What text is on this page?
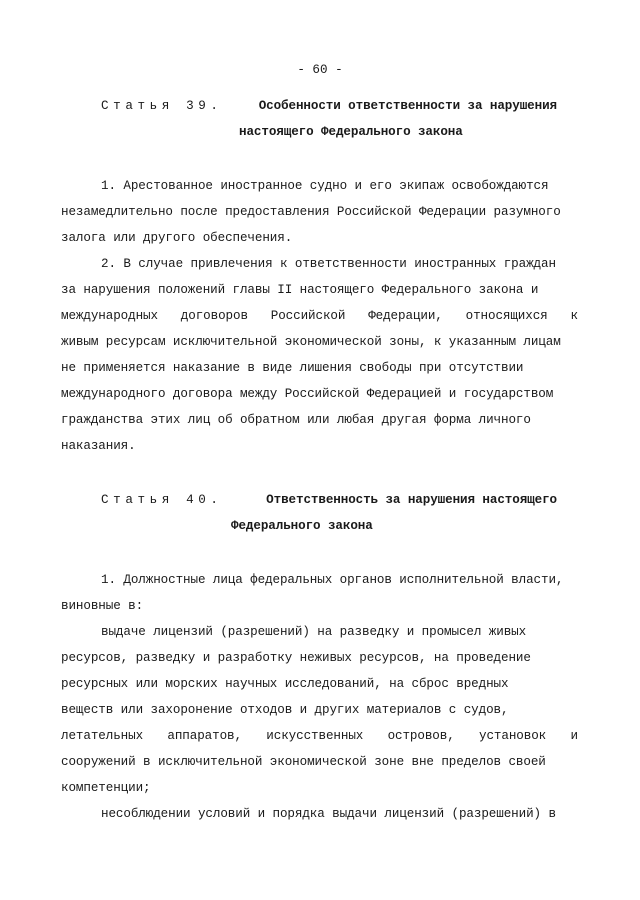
- 60 -
Статья 39.	Особенности ответственности за нарушения
настоящего Федерального закона
1. Арестованное иностранное судно и его экипаж освобождаются
незамедлительно после предоставления Российской Федерации разумного
залога или другого обеспечения.
2. В случае привлечения к ответственности иностранных граждан
за нарушения положений главы II настоящего Федерального закона и
международных договоров Российской Федерации, относящихся к
живым ресурсам исключительной экономической зоны, к указанным лицам
не применяется наказание в виде лишения свободы при отсутствии
международного договора между Российской Федерацией и государством
гражданства этих лиц об обратном или любая другая форма личного
наказания.
Статья 40.	Ответственность за нарушения настоящего
Федерального закона
1. Должностные лица федеральных органов исполнительной власти,
виновные в:
выдаче лицензий (разрешений) на разведку и промысел живых
ресурсов, разведку и разработку неживых ресурсов, на проведение
ресурсных или морских научных исследований, на сброс вредных
веществ или захоронение отходов и других материалов с судов,
летательных аппаратов, искусственных островов, установок и
сооружений в исключительной экономической зоне вне пределов своей
компетенции;
несоблюдении условий и порядка выдачи лицензий (разрешений) в
